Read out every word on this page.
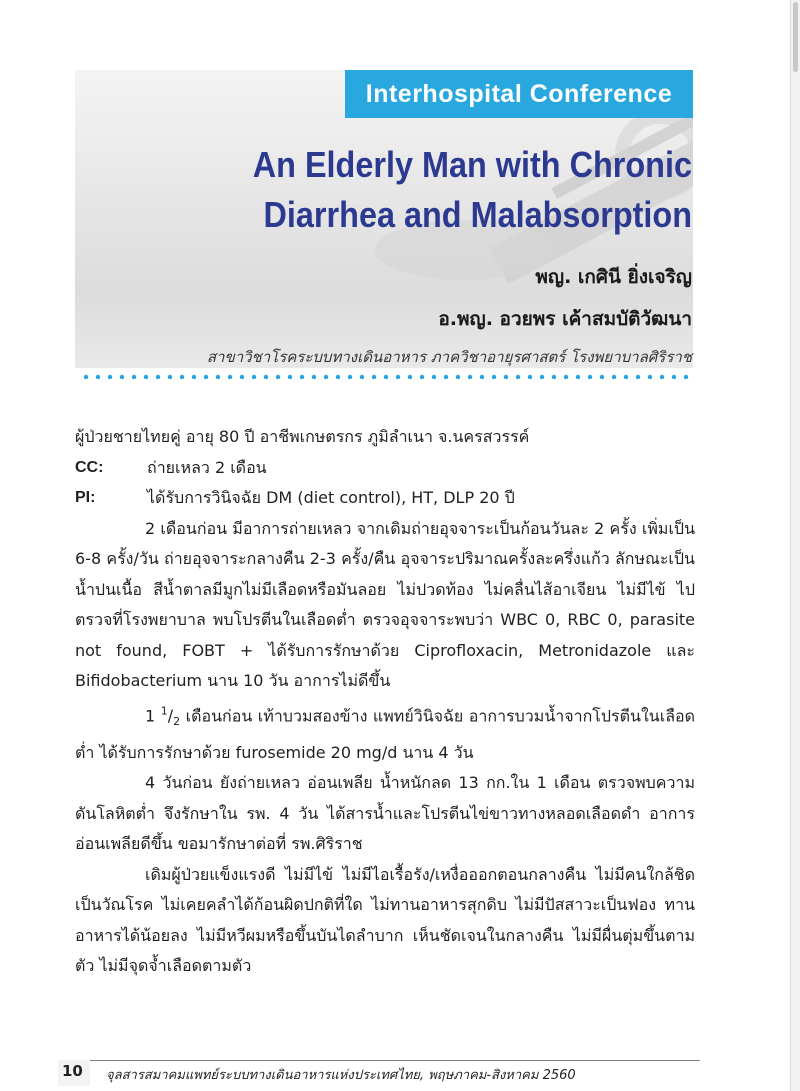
Interhospital Conference
An Elderly Man with Chronic
Diarrhea and Malabsorption
พญ. เกศินี ยิ่งเจริญ
อ.พญ. อวยพร เค้าสมบัติวัฒนา
สาขาวิชาโรคระบบทางเดินอาหาร ภาควิชาอายุรศาสตร์ โรงพยาบาลศิริราช

ผู้ป่วยชายไทยคู่ อายุ 80 ปี อาชีพเกษตรกร ภูมิลำเนา จ.นครสวรรค์

CC:	ถ่ายเหลว 2 เดือน
PI:	ได้รับการวินิจฉัย DM (diet control), HT, DLP 20 ปี

2 เดือนก่อน มีอาการถ่ายเหลว จากเดิมถ่ายอุจจาระเป็นก้อนวันละ 2 ครั้ง เพิ่มเป็น 6-8 ครั้ง/วัน ถ่ายอุจจาระกลางคืน 2-3 ครั้ง/คืน อุจจาระปริมาณครั้งละครึ่งแก้ว ลักษณะเป็นน้ำปนเนื้อ สีน้ำตาลมีมูกไม่มีเลือดหรือมันลอย ไม่ปวดท้อง ไม่คลื่นไส้อาเจียน ไม่มีไข้ ไปตรวจที่โรงพยาบาล พบโปรตีนในเลือดต่ำ ตรวจอุจจาระพบว่า WBC 0, RBC 0, parasite not found, FOBT + ได้รับการรักษาด้วย Ciprofloxacin, Metronidazole และ Bifidobacterium นาน 10 วัน อาการไม่ดีขึ้น

1 $^1/_2$ เดือนก่อน เท้าบวมสองข้าง แพทย์วินิจฉัย อาการบวมน้ำจากโปรตีนในเลือดต่ำ ได้รับการรักษาด้วย furosemide 20 mg/d นาน 4 วัน

4 วันก่อน ยังถ่ายเหลว อ่อนเพลีย น้ำหนักลด 13 กก.ใน 1 เดือน ตรวจพบความดันโลหิตต่ำ จึงรักษาใน รพ. 4 วัน ได้สารน้ำและโปรตีนไข่ขาวทางหลอดเลือดดำ อาการอ่อนเพลียดีขึ้น ขอมารักษาต่อที่ รพ.ศิริราช

เดิมผู้ป่วยแข็งแรงดี ไม่มีไข้ ไม่มีไอเรื้อรัง/เหงื่อออกตอนกลางคืน ไม่มีคนใกล้ชิดเป็นวัณโรค ไม่เคยคลำได้ก้อนผิดปกติที่ใด ไม่ทานอาหารสุกดิบ ไม่มีปัสสาวะเป็นฟอง ทานอาหารได้น้อยลง ไม่มีหวีผมหรือขึ้นบันไดลำบาก เห็นชัดเจนในกลางคืน ไม่มีผื่นตุ่มขึ้นตามตัว ไม่มีจุดจ้ำเลือดตามตัว

10 จุลสารสมาคมแพทย์ระบบทางเดินอาหารแห่งประเทศไทย, พฤษภาคม-สิงหาคม 2560
